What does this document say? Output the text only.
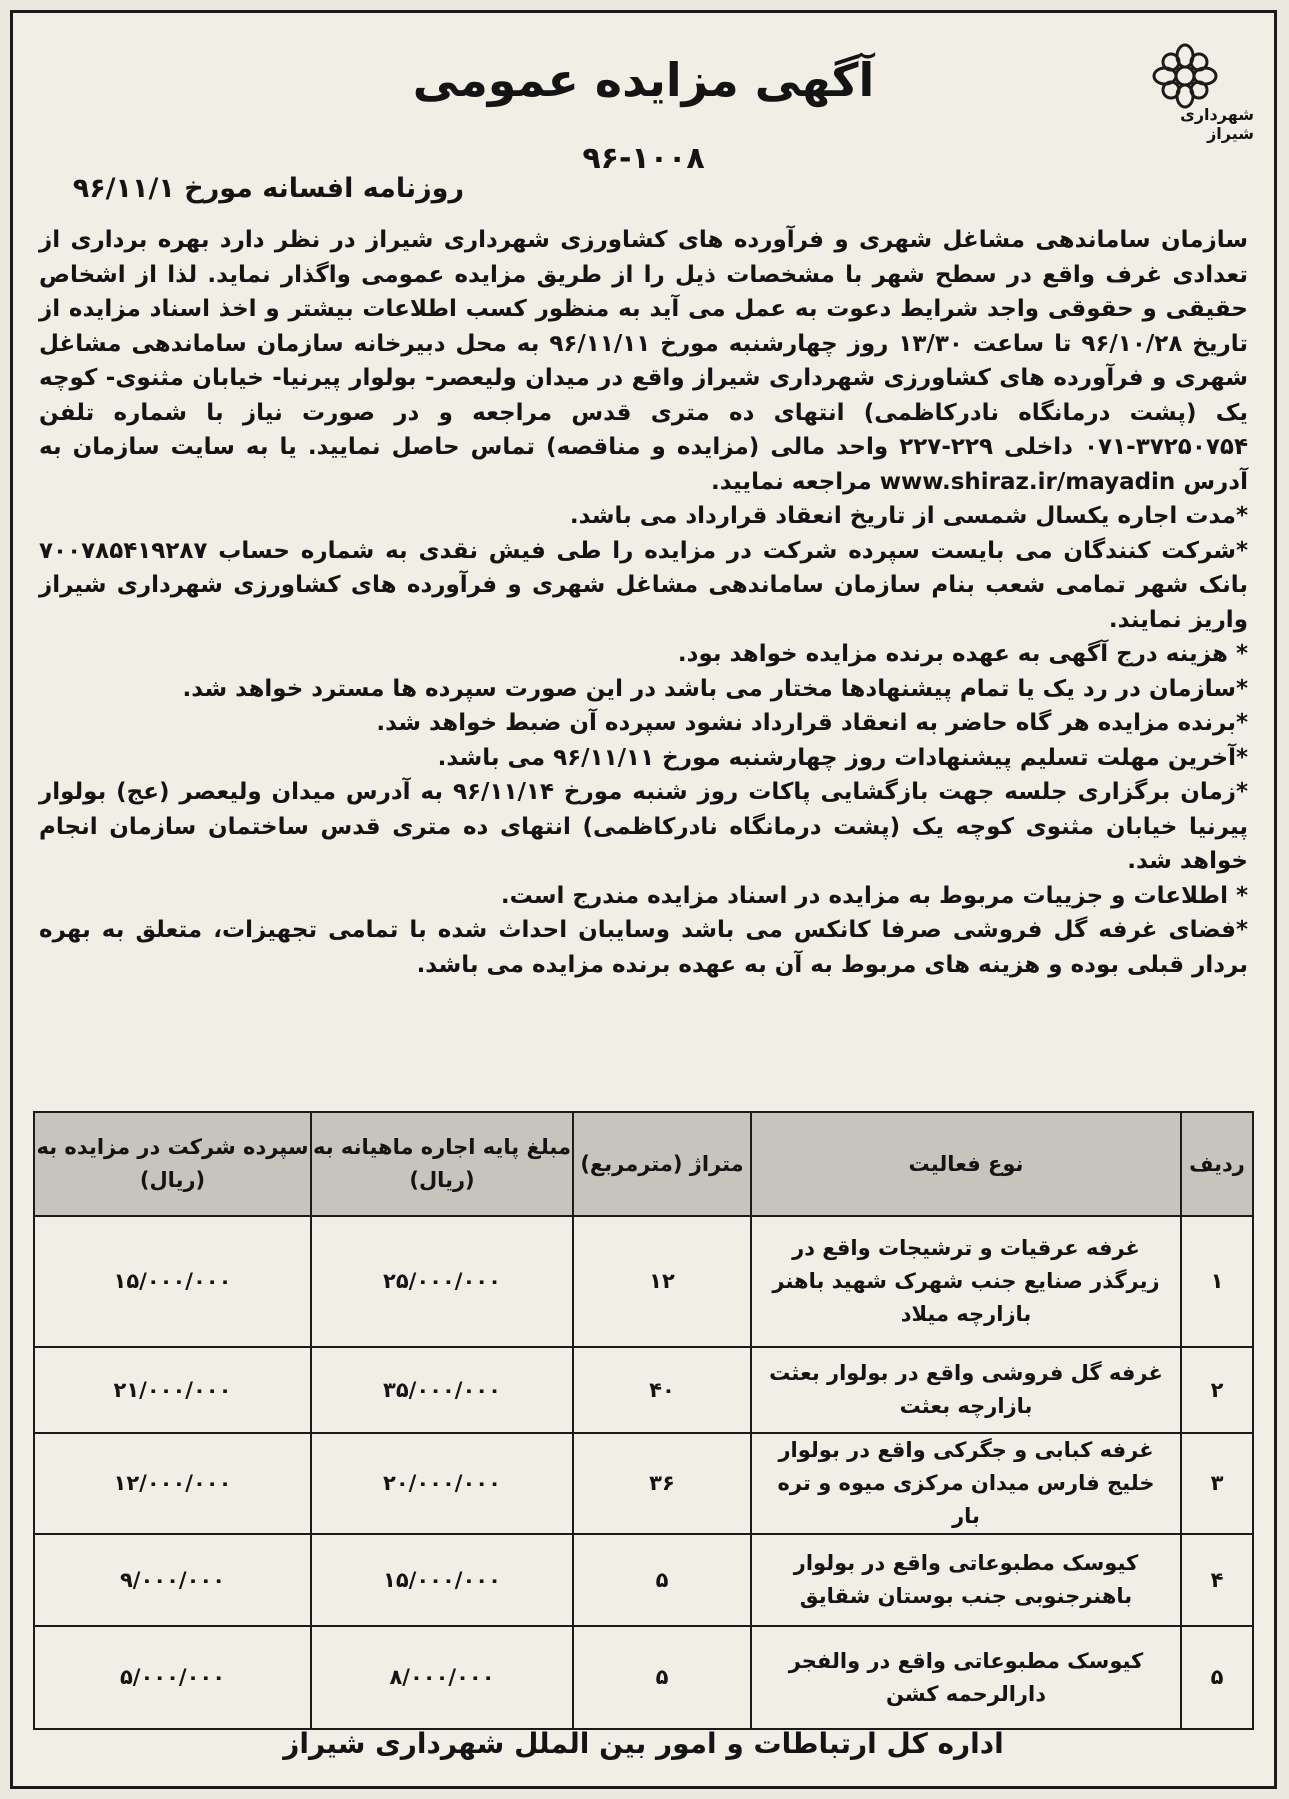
شهرداری شیراز
آگهی مزایده عمومی
۹۶-۱۰۰۸
روزنامه افسانه مورخ ۹۶/۱۱/۱

سازمان ساماندهی مشاغل شهری و فرآورده های کشاورزی شهرداری شیراز در نظر دارد بهره برداری از تعدادی غرف واقع در سطح شهر با مشخصات ذیل را از طریق مزایده عمومی واگذار نماید. لذا از اشخاص حقیقی و حقوقی واجد شرایط دعوت به عمل می آید به منظور کسب اطلاعات بیشتر و اخذ اسناد مزایده از تاریخ ۹۶/۱۰/۲۸ تا ساعت ۱۳/۳۰ روز چهارشنبه مورخ ۹۶/۱۱/۱۱ به محل دبیرخانه سازمان ساماندهی مشاغل شهری و فرآورده های کشاورزی شهرداری شیراز واقع در میدان ولیعصر- بولوار پیرنیا- خیابان مثنوی- کوچه یک (پشت درمانگاه نادرکاظمی) انتهای ده متری قدس مراجعه و در صورت نیاز با شماره تلفن ۳۷۲۵۰۷۵۴-۰۷۱ داخلی ۲۲۹-۲۲۷ واحد مالی (مزایده و مناقصه) تماس حاصل نمایید. یا به سایت سازمان به آدرس www.shiraz.ir/mayadin مراجعه نمایید.

*مدت اجاره یکسال شمسی از تاریخ انعقاد قرارداد می باشد.

*شرکت کنندگان می بایست سپرده شرکت در مزایده را طی فیش نقدی به شماره حساب ۷۰۰۷۸۵۴۱۹۲۸۷ بانک شهر تمامی شعب بنام سازمان ساماندهی مشاغل شهری و فرآورده های کشاورزی شهرداری شیراز واریز نمایند.

* هزینه درج آگهی به عهده برنده مزایده خواهد بود.

*سازمان در رد یک یا تمام پیشنهادها مختار می باشد در این صورت سپرده ها مسترد خواهد شد.

*برنده مزایده هر گاه حاضر به انعقاد قرارداد نشود سپرده آن ضبط خواهد شد.

*آخرین مهلت تسلیم پیشنهادات روز چهارشنبه مورخ ۹۶/۱۱/۱۱ می باشد.

*زمان برگزاری جلسه جهت بازگشایی پاکات روز شنبه مورخ ۹۶/۱۱/۱۴ به آدرس میدان ولیعصر (عج) بولوار پیرنیا خیابان مثنوی کوچه یک (پشت درمانگاه نادرکاظمی) انتهای ده متری قدس ساختمان سازمان انجام خواهد شد.

* اطلاعات و جزییات مربوط به مزایده در اسناد مزایده مندرج است.

*فضای غرفه گل فروشی صرفا کانکس می باشد وسایبان احداث شده با تمامی تجهیزات، متعلق به بهره بردار قبلی بوده و هزینه های مربوط به آن به عهده برنده مزایده می باشد.

ردیف	نوع فعالیت	متراژ (مترمربع)	مبلغ پایه اجاره ماهیانه به (ریال)	سپرده شرکت در مزایده به (ریال)
۱	غرفه عرقیات و ترشیجات واقع در زیرگذر صنایع جنب شهرک شهید باهنر بازارچه میلاد	۱۲	۲۵/۰۰۰/۰۰۰	۱۵/۰۰۰/۰۰۰
۲	غرفه گل فروشی واقع در بولوار بعثت بازارچه بعثت	۴۰	۳۵/۰۰۰/۰۰۰	۲۱/۰۰۰/۰۰۰
۳	غرفه کبابی و جگرکی واقع در بولوار خلیج فارس میدان مرکزی میوه و تره بار	۳۶	۲۰/۰۰۰/۰۰۰	۱۲/۰۰۰/۰۰۰
۴	کیوسک مطبوعاتی واقع در بولوار باهنرجنوبی جنب بوستان شقایق	۵	۱۵/۰۰۰/۰۰۰	۹/۰۰۰/۰۰۰
۵	کیوسک مطبوعاتی واقع در والفجر دارالرحمه کشن	۵	۸/۰۰۰/۰۰۰	۵/۰۰۰/۰۰۰
اداره کل ارتباطات و امور بین الملل شهرداری شیراز
